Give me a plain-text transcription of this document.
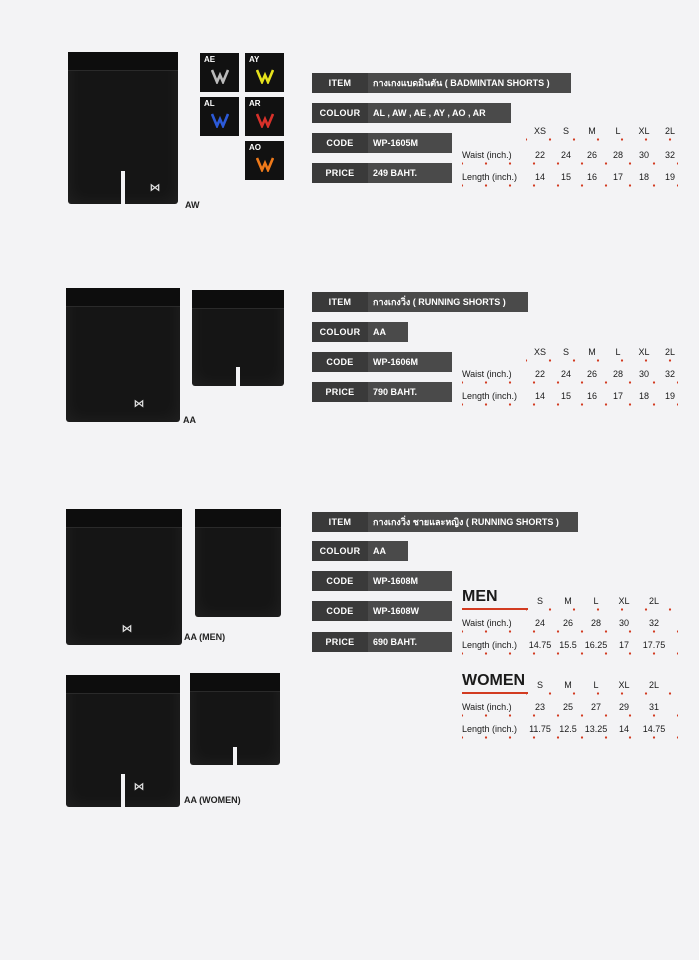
⋈
AW
AE	AY
AL	AR
AO
ITEM	กางเกงแบดมินตัน ( BADMINTAN SHORTS )
COLOUR	AL , AW , AE , AY , AO , AR
CODE	WP-1605M
PRICE	249 BAHT.
XS	S	M	L	XL	2L
Waist (inch.)	22	24	26	28	30	32
Length (inch.)	14	15	16	17	18	19
⋈
AA
ITEM	กางเกงวิ่ง ( RUNNING SHORTS )
COLOUR	AA
CODE	WP-1606M
PRICE	790 BAHT.
XS	S	M	L	XL	2L
Waist (inch.)	22	24	26	28	30	32
Length (inch.)	14	15	16	17	18	19
⋈
AA (MEN)
⋈
AA (WOMEN)
ITEM	กางเกงวิ่ง ชายและหญิง ( RUNNING SHORTS )
COLOUR	AA
CODE	WP-1608M
CODE	WP-1608W
PRICE	690 BAHT.
MEN	S	M	L	XL	2L
Waist (inch.)	24	26	28	30	32
Length (inch.) 14.75 15.5 16.25	17	17.75
WOMEN	S	M	L	XL	2L
Waist (inch.)	23	25	27	29	31
Length (inch.) 11.75 12.5 13.25	14	14.75
